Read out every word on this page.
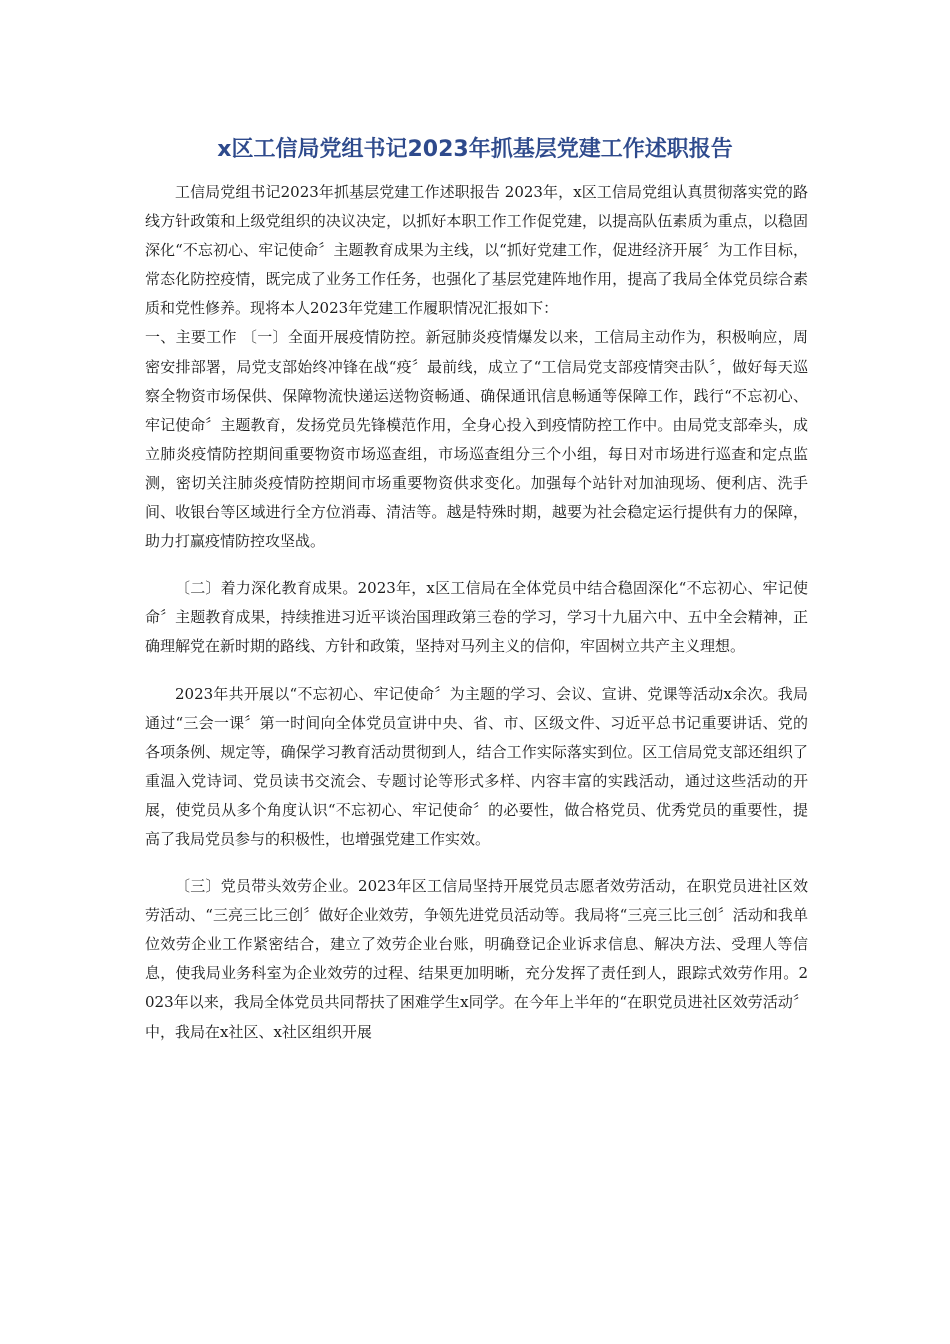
x区工信局党组书记2023年抓基层党建工作述职报告

工信局党组书记2023年抓基层党建工作述职报告 2023年，x区工信局党组认真贯彻落实党的路线方针政策和上级党组织的决议决定，以抓好本职工作工作促党建，以提高队伍素质为重点，以稳固深化“不忘初心、牢记使命〞主题教育成果为主线，以“抓好党建工作，促进经济开展〞为工作目标，常态化防控疫情，既完成了业务工作任务，也强化了基层党建阵地作用，提高了我局全体党员综合素质和党性修养。现将本人2023年党建工作履职情况汇报如下：

一、主要工作 〔一〕全面开展疫情防控。新冠肺炎疫情爆发以来，工信局主动作为，积极响应，周密安排部署，局党支部始终冲锋在战“疫〞最前线，成立了“工信局党支部疫情突击队〞，做好每天巡察全物资市场保供、保障物流快递运送物资畅通、确保通讯信息畅通等保障工作，践行“不忘初心、牢记使命〞主题教育，发扬党员先锋模范作用，全身心投入到疫情防控工作中。由局党支部牵头，成立肺炎疫情防控期间重要物资市场巡查组，市场巡查组分三个小组，每日对市场进行巡查和定点监测，密切关注肺炎疫情防控期间市场重要物资供求变化。加强每个站针对加油现场、便利店、洗手间、收银台等区域进行全方位消毒、清洁等。越是特殊时期，越要为社会稳定运行提供有力的保障，助力打赢疫情防控攻坚战。

〔二〕着力深化教育成果。2023年，x区工信局在全体党员中结合稳固深化“不忘初心、牢记使命〞主题教育成果，持续推进习近平谈治国理政第三卷的学习，学习十九届六中、五中全会精神，正确理解党在新时期的路线、方针和政策，坚持对马列主义的信仰，牢固树立共产主义理想。

2023年共开展以“不忘初心、牢记使命〞为主题的学习、会议、宣讲、党课等活动x余次。我局通过“三会一课〞第一时间向全体党员宣讲中央、省、市、区级文件、习近平总书记重要讲话、党的各项条例、规定等，确保学习教育活动贯彻到人，结合工作实际落实到位。区工信局党支部还组织了重温入党诗词、党员读书交流会、专题讨论等形式多样、内容丰富的实践活动，通过这些活动的开展，使党员从多个角度认识“不忘初心、牢记使命〞的必要性，做合格党员、优秀党员的重要性，提高了我局党员参与的积极性，也增强党建工作实效。

〔三〕党员带头效劳企业。2023年区工信局坚持开展党员志愿者效劳活动，在职党员进社区效劳活动、“三亮三比三创〞做好企业效劳，争领先进党员活动等。我局将“三亮三比三创〞活动和我单位效劳企业工作紧密结合，建立了效劳企业台账，明确登记企业诉求信息、解决方法、受理人等信息，使我局业务科室为企业效劳的过程、结果更加明晰，充分发挥了责任到人，跟踪式效劳作用。2023年以来，我局全体党员共同帮扶了困难学生x同学。在今年上半年的“在职党员进社区效劳活动〞中，我局在x社区、x社区组织开展
